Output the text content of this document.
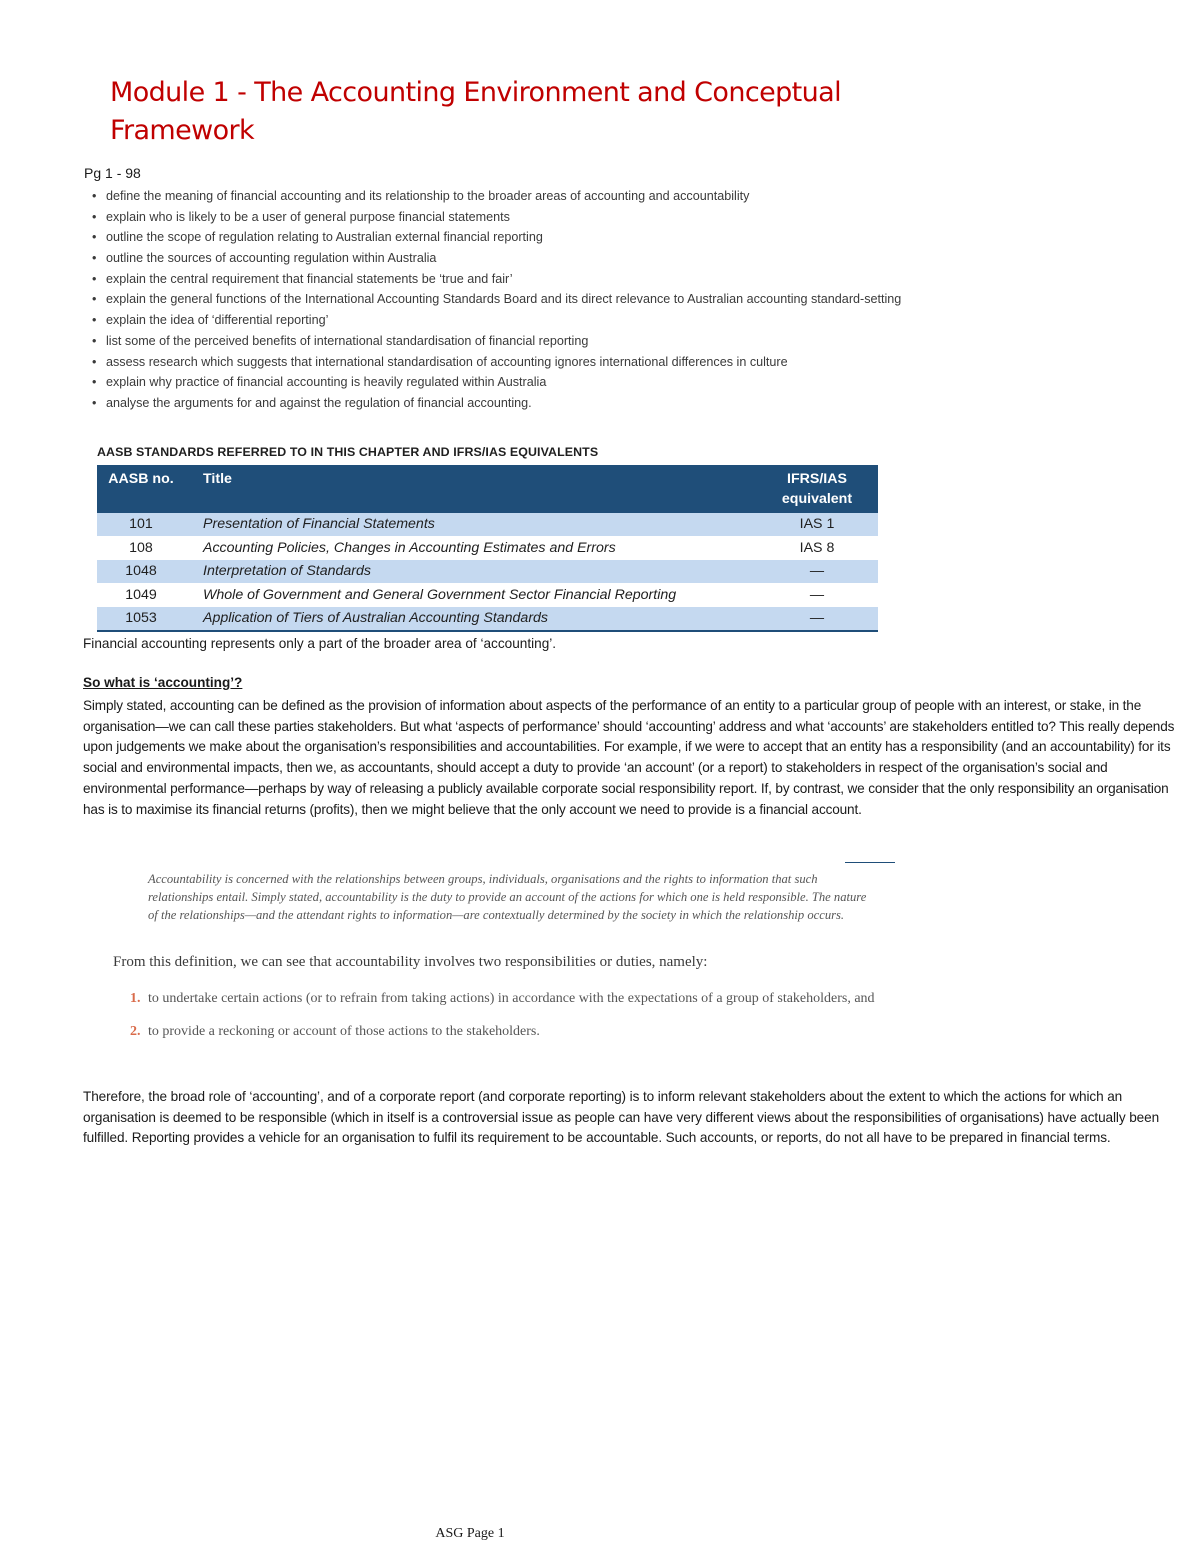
Module 1 - The Accounting Environment and Conceptual Framework
Pg 1 - 98
• define the meaning of financial accounting and its relationship to the broader areas of accounting and accountability
• explain who is likely to be a user of general purpose financial statements
• outline the scope of regulation relating to Australian external financial reporting
• outline the sources of accounting regulation within Australia
• explain the central requirement that financial statements be ‘true and fair’
• explain the general functions of the International Accounting Standards Board and its direct relevance to Australian accounting standard-setting
• explain the idea of ‘differential reporting’
• list some of the perceived benefits of international standardisation of financial reporting
• assess research which suggests that international standardisation of accounting ignores international differences in culture
• explain why practice of financial accounting is heavily regulated within Australia
• analyse the arguments for and against the regulation of financial accounting.
AASB STANDARDS REFERRED TO IN THIS CHAPTER AND IFRS/IAS EQUIVALENTS
AASB no.	Title	IFRS/IAS equivalent
101	Presentation of Financial Statements	IAS 1
108	Accounting Policies, Changes in Accounting Estimates and Errors	IAS 8
1048	Interpretation of Standards	—
1049	Whole of Government and General Government Sector Financial Reporting	—
1053	Application of Tiers of Australian Accounting Standards	—

Financial accounting represents only a part of the broader area of ‘accounting’.

So what is ‘accounting’?

Simply stated, accounting can be defined as the provision of information about aspects of the performance of an entity to a particular group of people with an interest, or stake, in the organisation—we can call these parties stakeholders. But what ‘aspects of performance’ should ‘accounting’ address and what ‘accounts’ are stakeholders entitled to? This really depends upon judgements we make about the organisation’s responsibilities and accountabilities. For example, if we were to accept that an entity has a responsibility (and an accountability) for its social and environmental impacts, then we, as accountants, should accept a duty to provide ‘an account’ (or a report) to stakeholders in respect of the organisation’s social and environmental performance—perhaps by way of releasing a publicly available corporate social responsibility report. If, by contrast, we consider that the only responsibility an organisation has is to maximise its financial returns (profits), then we might believe that the only account we need to provide is a financial account.

Accountability is concerned with the relationships between groups, individuals, organisations and the rights to information that such relationships entail. Simply stated, accountability is the duty to provide an account of the actions for which one is held responsible. The nature of the relationships—and the attendant rights to information—are contextually determined by the society in which the relationship occurs.

From this definition, we can see that accountability involves two responsibilities or duties, namely:

1. to undertake certain actions (or to refrain from taking actions) in accordance with the expectations of a group of stakeholders, and
2. to provide a reckoning or account of those actions to the stakeholders.

Therefore, the broad role of ‘accounting’, and of a corporate report (and corporate reporting) is to inform relevant stakeholders about the extent to which the actions for which an organisation is deemed to be responsible (which in itself is a controversial issue as people can have very different views about the responsibilities of organisations) have actually been fulfilled. Reporting provides a vehicle for an organisation to fulfil its requirement to be accountable. Such accounts, or reports, do not all have to be prepared in financial terms.

ASG Page 1
